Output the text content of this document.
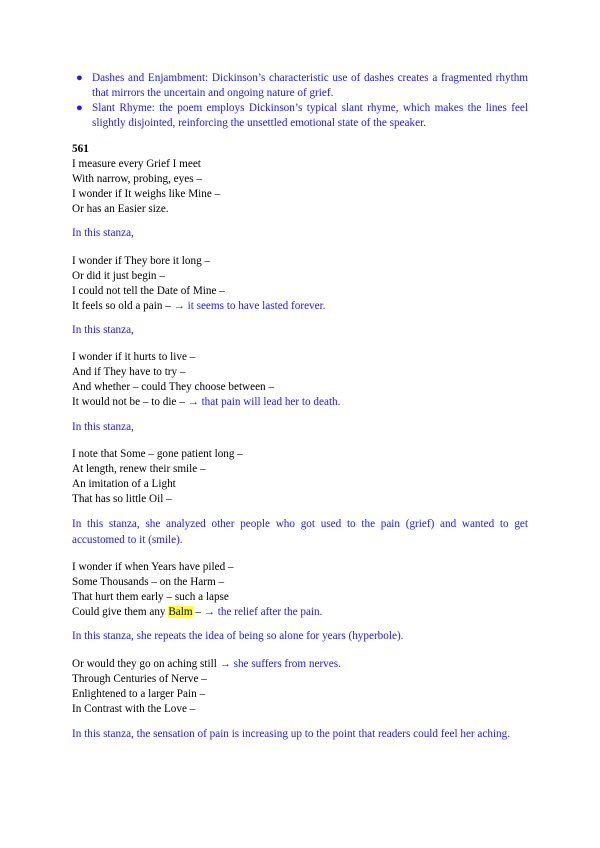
● Dashes and Enjambment: Dickinson’s characteristic use of dashes creates a fragmented rhythm that mirrors the uncertain and ongoing nature of grief.
● Slant Rhyme: the poem employs Dickinson’s typical slant rhyme, which makes the lines feel slightly disjointed, reinforcing the unsettled emotional state of the speaker.
561
I measure every Grief I meet
With narrow, probing, eyes –
I wonder if It weighs like Mine –
Or has an Easier size.
In this stanza,
I wonder if They bore it long –
Or did it just begin –
I could not tell the Date of Mine –
It feels so old a pain – → it seems to have lasted forever.
In this stanza,
I wonder if it hurts to live –
And if They have to try –
And whether – could They choose between –
It would not be – to die – → that pain will lead her to death.
In this stanza,
I note that Some – gone patient long –
At length, renew their smile –
An imitation of a Light
That has so little Oil –
In this stanza, she analyzed other people who got used to the pain (grief) and wanted to get accustomed to it (smile).
I wonder if when Years have piled –
Some Thousands – on the Harm –
That hurt them early – such a lapse
Could give them any Balm – → the relief after the pain.
In this stanza, she repeats the idea of being so alone for years (hyperbole).
Or would they go on aching still → she suffers from nerves.
Through Centuries of Nerve –
Enlightened to a larger Pain –
In Contrast with the Love –
In this stanza, the sensation of pain is increasing up to the point that readers could feel her aching.
